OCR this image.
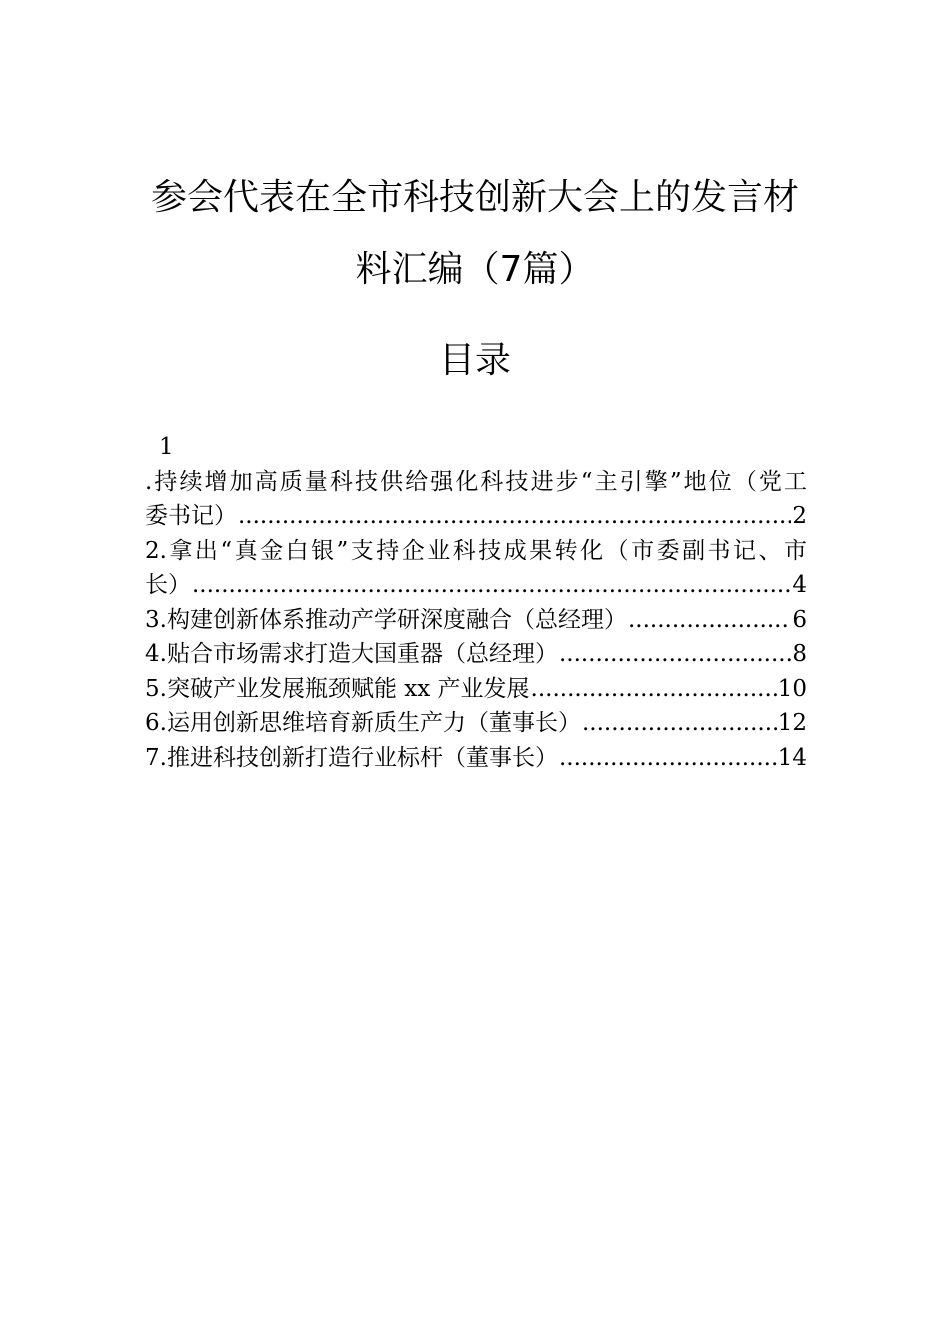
参会代表在全市科技创新大会上的发言材
料汇编（7篇）
目录
1
.持续增加高质量科技供给强化科技进步“主引擎”地位（党工
委书记） .....	2
2.拿出“真金白银”支持企业科技成果转化（市委副书记、市
长） .....	4
3.构建创新体系推动产学研深度融合（总经理） .....	6
4.贴合市场需求打造大国重器（总经理） .....	8
5.突破产业发展瓶颈赋能 xx 产业发展 .....	10
6.运用创新思维培育新质生产力（董事长） .....	12
7.推进科技创新打造行业标杆（董事长） .....	14
